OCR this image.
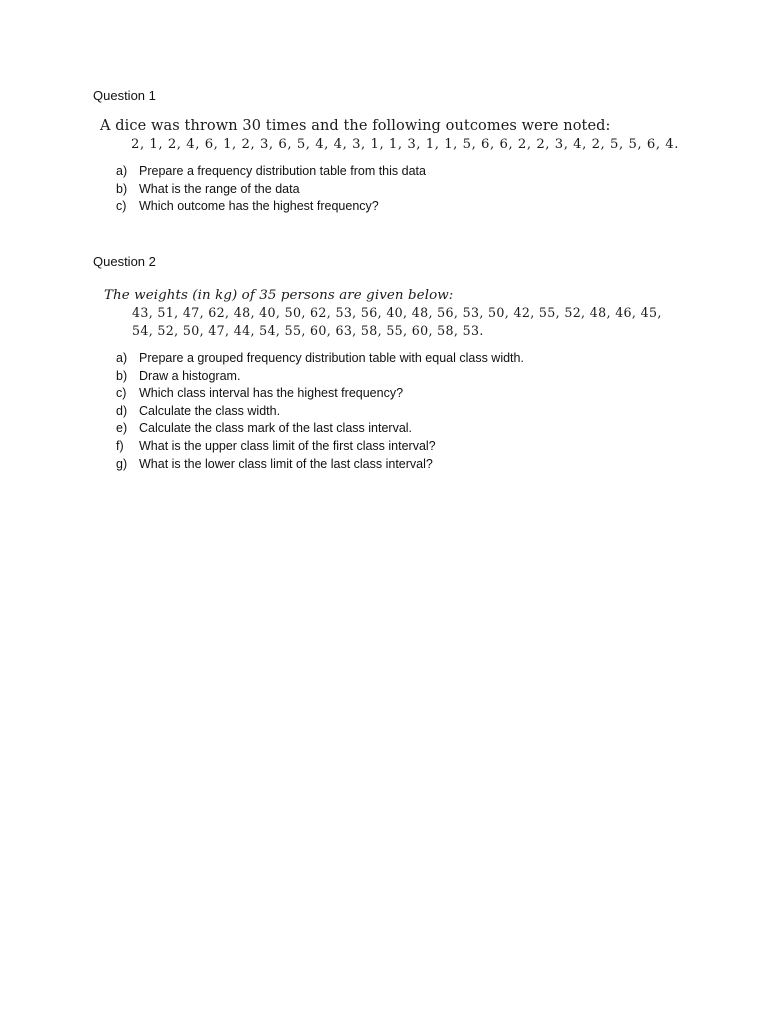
Question 1
A dice was thrown 30 times and the following outcomes were noted:
2, 1, 2, 4, 6, 1, 2, 3, 6, 5, 4, 4, 3, 1, 1, 3, 1, 1, 5, 6, 6, 2, 2, 3, 4, 2, 5, 5, 6, 4.
a) Prepare a frequency distribution table from this data
b) What is the range of the data
c) Which outcome has the highest frequency?
Question 2
The weights (in kg) of 35 persons are given below:
43, 51, 47, 62, 48, 40, 50, 62, 53, 56, 40, 48, 56, 53, 50, 42, 55, 52, 48, 46, 45,
54, 52, 50, 47, 44, 54, 55, 60, 63, 58, 55, 60, 58, 53.
a) Prepare a grouped frequency distribution table with equal class width.
b) Draw a histogram.
c) Which class interval has the highest frequency?
d) Calculate the class width.
e) Calculate the class mark of the last class interval.
f) What is the upper class limit of the first class interval?
g) What is the lower class limit of the last class interval?
